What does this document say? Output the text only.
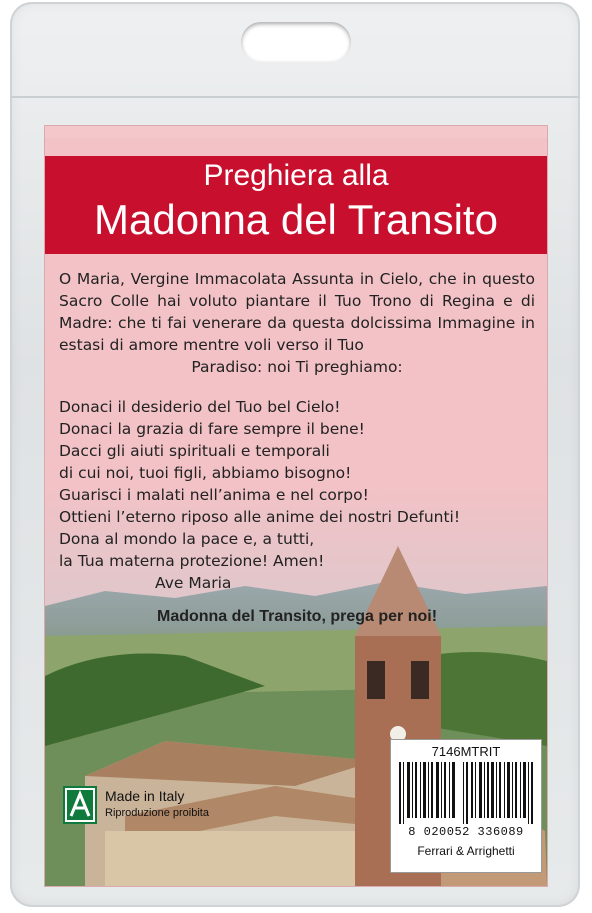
Preghiera alla
Madonna del Transito
O Maria, Vergine Immacolata Assunta in Cielo, che in questo Sacro Colle hai voluto piantare il Tuo Trono di Regina e di Madre: che ti fai venerare da questa dolcissima Immagine in estasi di amore mentre voli verso il Tuo
Paradiso: noi Ti preghiamo:
Donaci il desiderio del Tuo bel Cielo!
Donaci la grazia di fare sempre il bene!
Dacci gli aiuti spirituali e temporali
di cui noi, tuoi figli, abbiamo bisogno!
Guarisci i malati nell’anima e nel corpo!
Ottieni l’eterno riposo alle anime dei nostri Defunti!
Dona al mondo la pace e, a tutti,
la Tua materna protezione! Amen!
Ave Maria
Madonna del Transito, prega per noi!
Made in Italy
Riproduzione proibita
7146MTRIT
8 020052 336089
Ferrari & Arrighetti
